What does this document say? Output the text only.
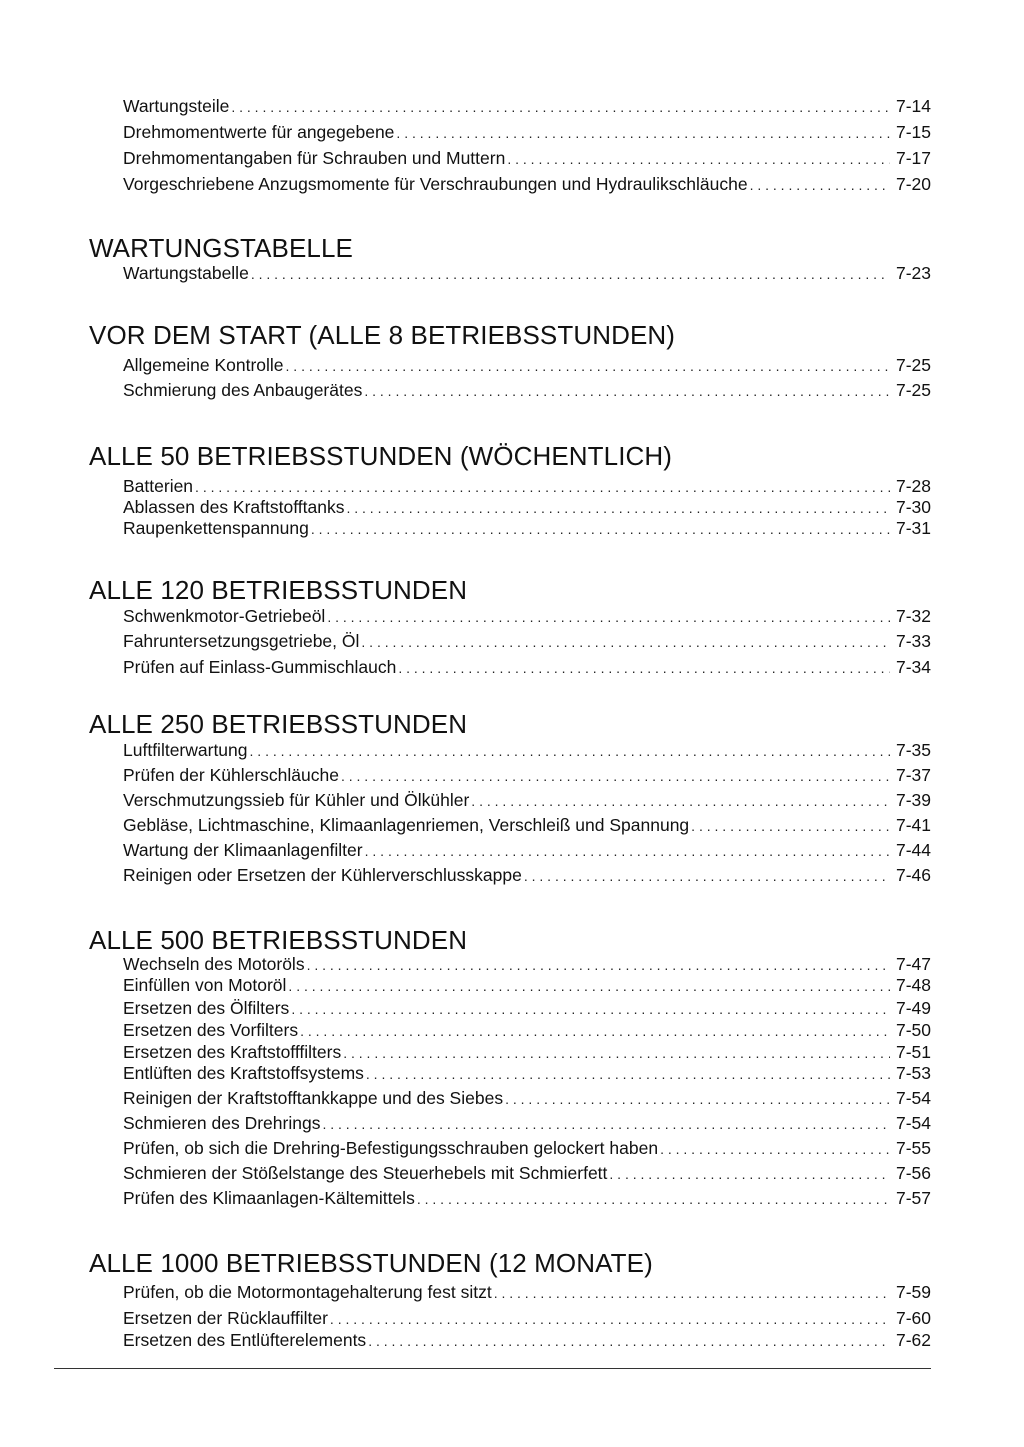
Wartungsteile . . .	7-14
Drehmomentwerte für angegebene . . .	7-15
Drehmomentangaben für Schrauben und Muttern . . .	7-17
Vorgeschriebene Anzugsmomente für Verschraubungen und Hydraulikschläuche . . .	7-20
WARTUNGSTABELLE
Wartungstabelle . . .	7-23
VOR DEM START (ALLE 8 BETRIEBSSTUNDEN)
Allgemeine Kontrolle . . .	7-25
Schmierung des Anbaugerätes . . .	7-25
ALLE 50 BETRIEBSSTUNDEN (WÖCHENTLICH)
Batterien . . .	7-28
Ablassen des Kraftstofftanks . . .	7-30
Raupenkettenspannung . . .	7-31
ALLE 120 BETRIEBSSTUNDEN
Schwenkmotor-Getriebeöl . . .	7-32
Fahruntersetzungsgetriebe, Öl . . .	7-33
Prüfen auf Einlass-Gummischlauch . . .	7-34
ALLE 250 BETRIEBSSTUNDEN
Luftfilterwartung . . .	7-35
Prüfen der Kühlerschläuche . . .	7-37
Verschmutzungssieb für Kühler und Ölkühler . . .	7-39
Gebläse, Lichtmaschine, Klimaanlagenriemen, Verschleiß und Spannung . . .	7-41
Wartung der Klimaanlagenfilter . . .	7-44
Reinigen oder Ersetzen der Kühlerverschlusskappe . . .	7-46
ALLE 500 BETRIEBSSTUNDEN
Wechseln des Motoröls . . .	7-47
Einfüllen von Motoröl . . .	7-48
Ersetzen des Ölfilters . . .	7-49
Ersetzen des Vorfilters . . .	7-50
Ersetzen des Kraftstofffilters . . .	7-51
Entlüften des Kraftstoffsystems . . .	7-53
Reinigen der Kraftstofftankkappe und des Siebes . . .	7-54
Schmieren des Drehrings . . .	7-54
Prüfen, ob sich die Drehring-Befestigungsschrauben gelockert haben . . .	7-55
Schmieren der Stößelstange des Steuerhebels mit Schmierfett . . .	7-56
Prüfen des Klimaanlagen-Kältemittels . . .	7-57
ALLE 1000 BETRIEBSSTUNDEN (12 MONATE)
Prüfen, ob die Motormontagehalterung fest sitzt . . .	7-59
Ersetzen der Rücklauffilter . . .	7-60
Ersetzen des Entlüfterelements . . .	7-62
